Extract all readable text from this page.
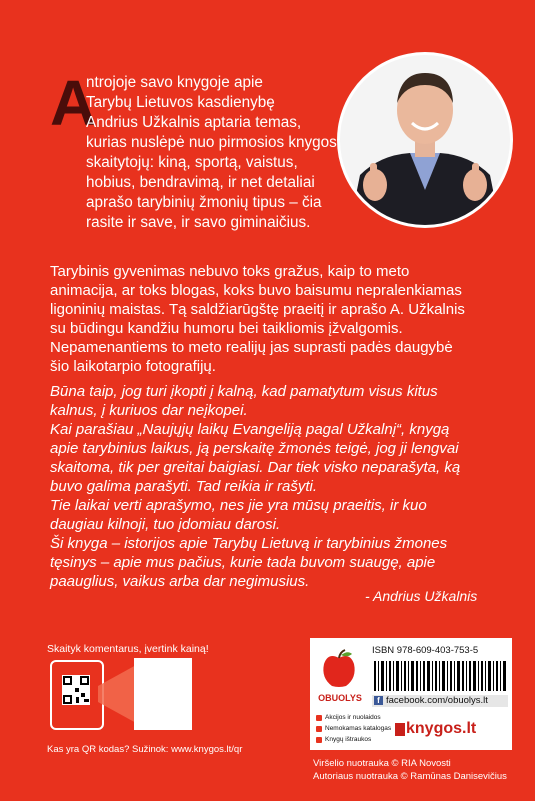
A
ntrojoje savo knygoje apie
Tarybų Lietuvos kasdienybę
Andrius Užkalnis aptaria temas,
kurias nuslėpė nuo pirmosios knygos
skaitytojų: kiną, sportą, vaistus,
hobius, bendravimą, ir net detaliai
aprašo tarybinių žmonių tipus – čia
rasite ir save, ir savo giminaičius.
Tarybinis gyvenimas nebuvo toks gražus, kaip to meto
animacija, ar toks blogas, koks buvo baisumu nepralenkiamas
ligoninių maistas. Tą saldžiarūgštę praeitį ir aprašo A. Užkalnis
su būdingu kandžiu humoru bei taikliomis įžvalgomis.
Nepamenantiems to meto realijų jas suprasti padės daugybė
šio laikotarpio fotografijų.
Būna taip, jog turi įkopti į kalną, kad pamatytum visus kitus
kalnus, į kuriuos dar neįkopei.
Kai parašiau „Naujųjų laikų Evangeliją pagal Užkalnį“, knygą
apie tarybinius laikus, ją perskaitę žmonės teigė, jog ji lengvai
skaitoma, tik per greitai baigiasi. Dar tiek visko neparašyta, ką
buvo galima parašyti. Tad reikia ir rašyti.
Tie laikai verti aprašymo, nes jie yra mūsų praeitis, ir kuo
daugiau kilnoji, tuo įdomiau darosi.
Ši knyga – istorijos apie Tarybų Lietuvą ir tarybinius žmones
tęsinys – apie mus pačius, kurie tada buvom suaugę, apie
paauglius, vaikus arba dar negimusius.
- Andrius Užkalnis
Skaityk komentarus, įvertink kainą!
Kas yra QR kodas? Sužinok: www.knygos.lt/qr
OBUOLYS
ISBN 978-609-403-753-5
f facebook.com/obuolys.lt
Akcijos ir nuolaidos
Nemokamas katalogas
Knygų ištraukos
knygos.lt
Viršelio nuotrauka © RIA Novosti
Autoriaus nuotrauka © Ramūnas Danisevičius
